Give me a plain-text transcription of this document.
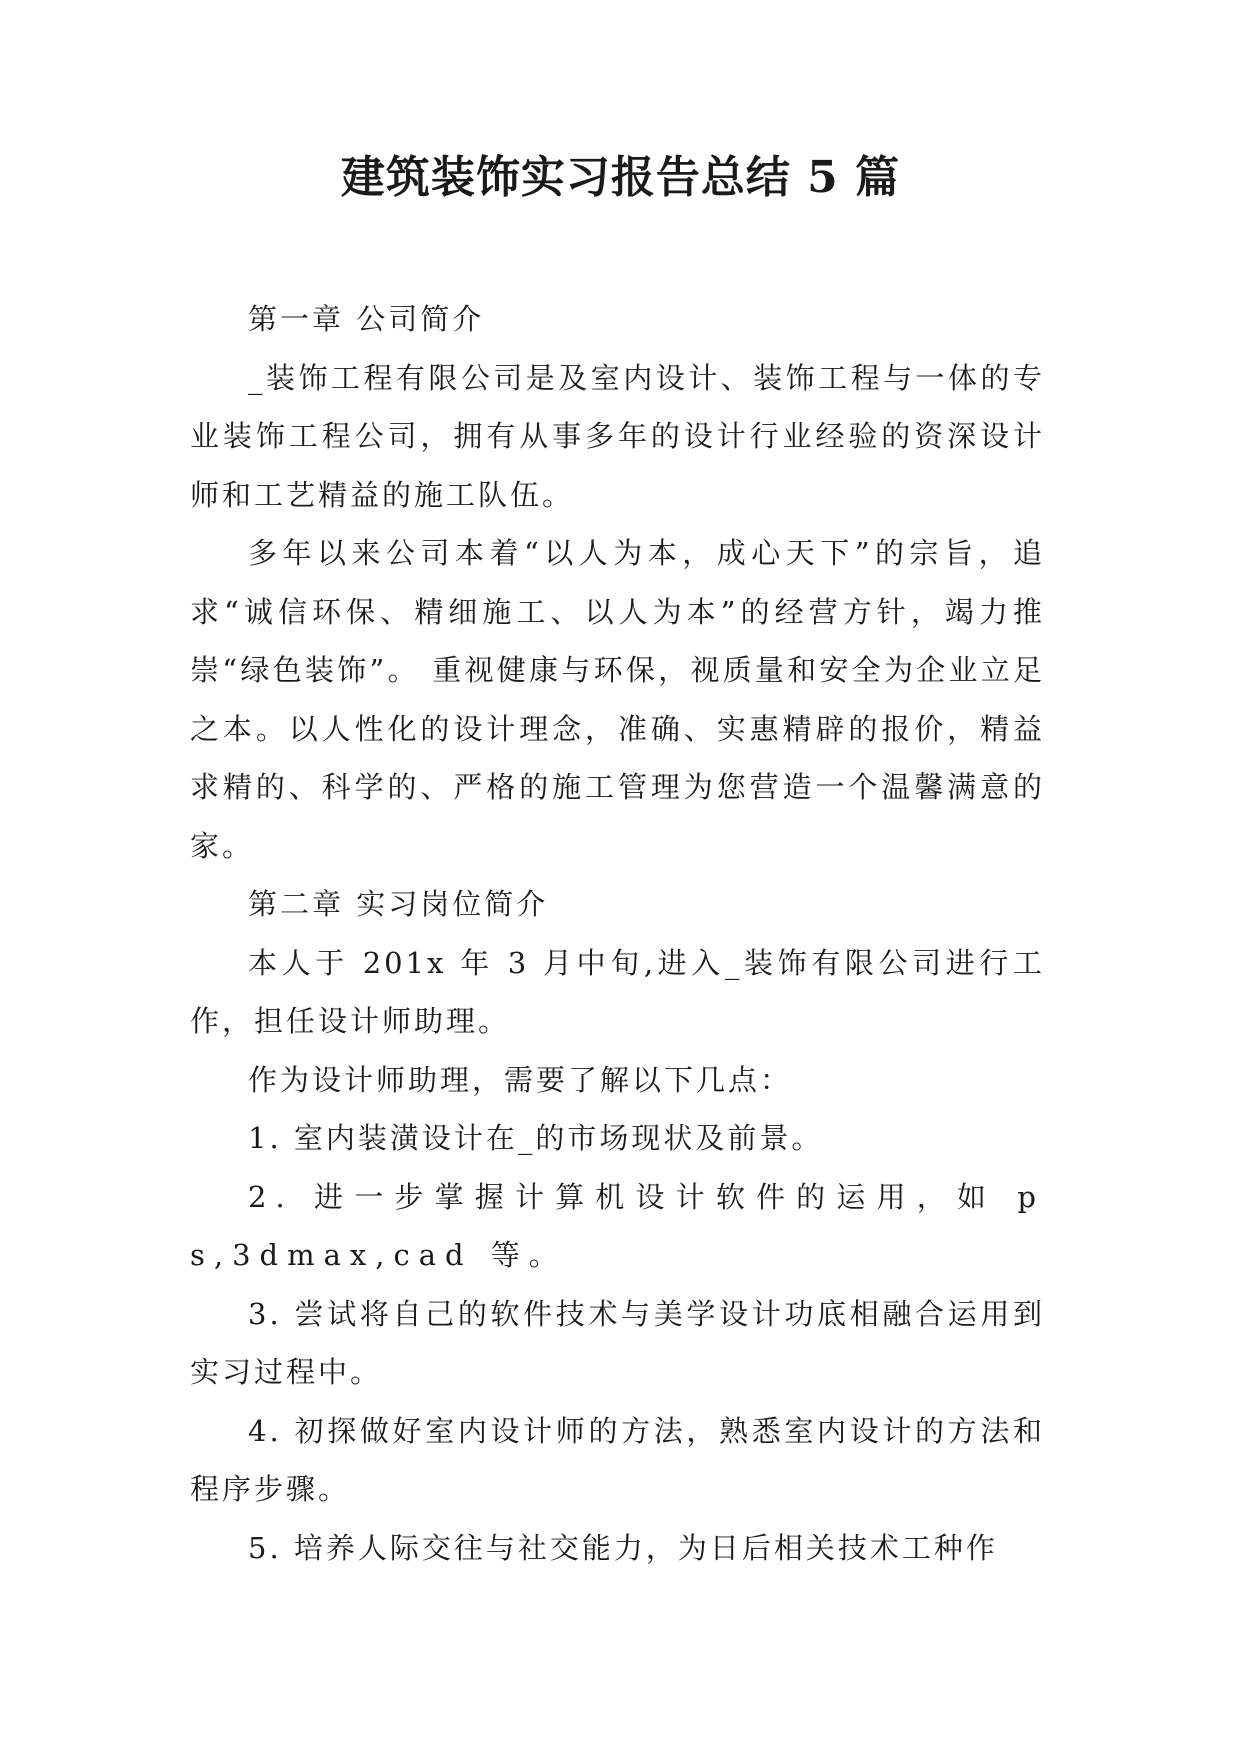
建筑装饰实习报告总结 5 篇

第一章 公司简介

_装饰工程有限公司是及室内设计、装饰工程与一体的专业装饰工程公司，拥有从事多年的设计行业经验的资深设计师和工艺精益的施工队伍。

多年以来公司本着“以人为本，成心天下”的宗旨，追求“诚信环保、精细施工、以人为本”的经营方针，竭力推崇“绿色装饰”。 重视健康与环保，视质量和安全为企业立足之本。以人性化的设计理念，准确、实惠精辟的报价，精益求精的、科学的、严格的施工管理为您营造一个温馨满意的家。

第二章 实习岗位简介

本人于 201x 年 3 月中旬,进入_装饰有限公司进行工作，担任设计师助理。

作为设计师助理，需要了解以下几点：

1. 室内装潢设计在_的市场现状及前景。

2. 进一步掌握计算机设计软件的运用，如 ps,3dmax,cad 等。

3. 尝试将自己的软件技术与美学设计功底相融合运用到实习过程中。

4. 初探做好室内设计师的方法，熟悉室内设计的方法和程序步骤。

5. 培养人际交往与社交能力，为日后相关技术工种作
